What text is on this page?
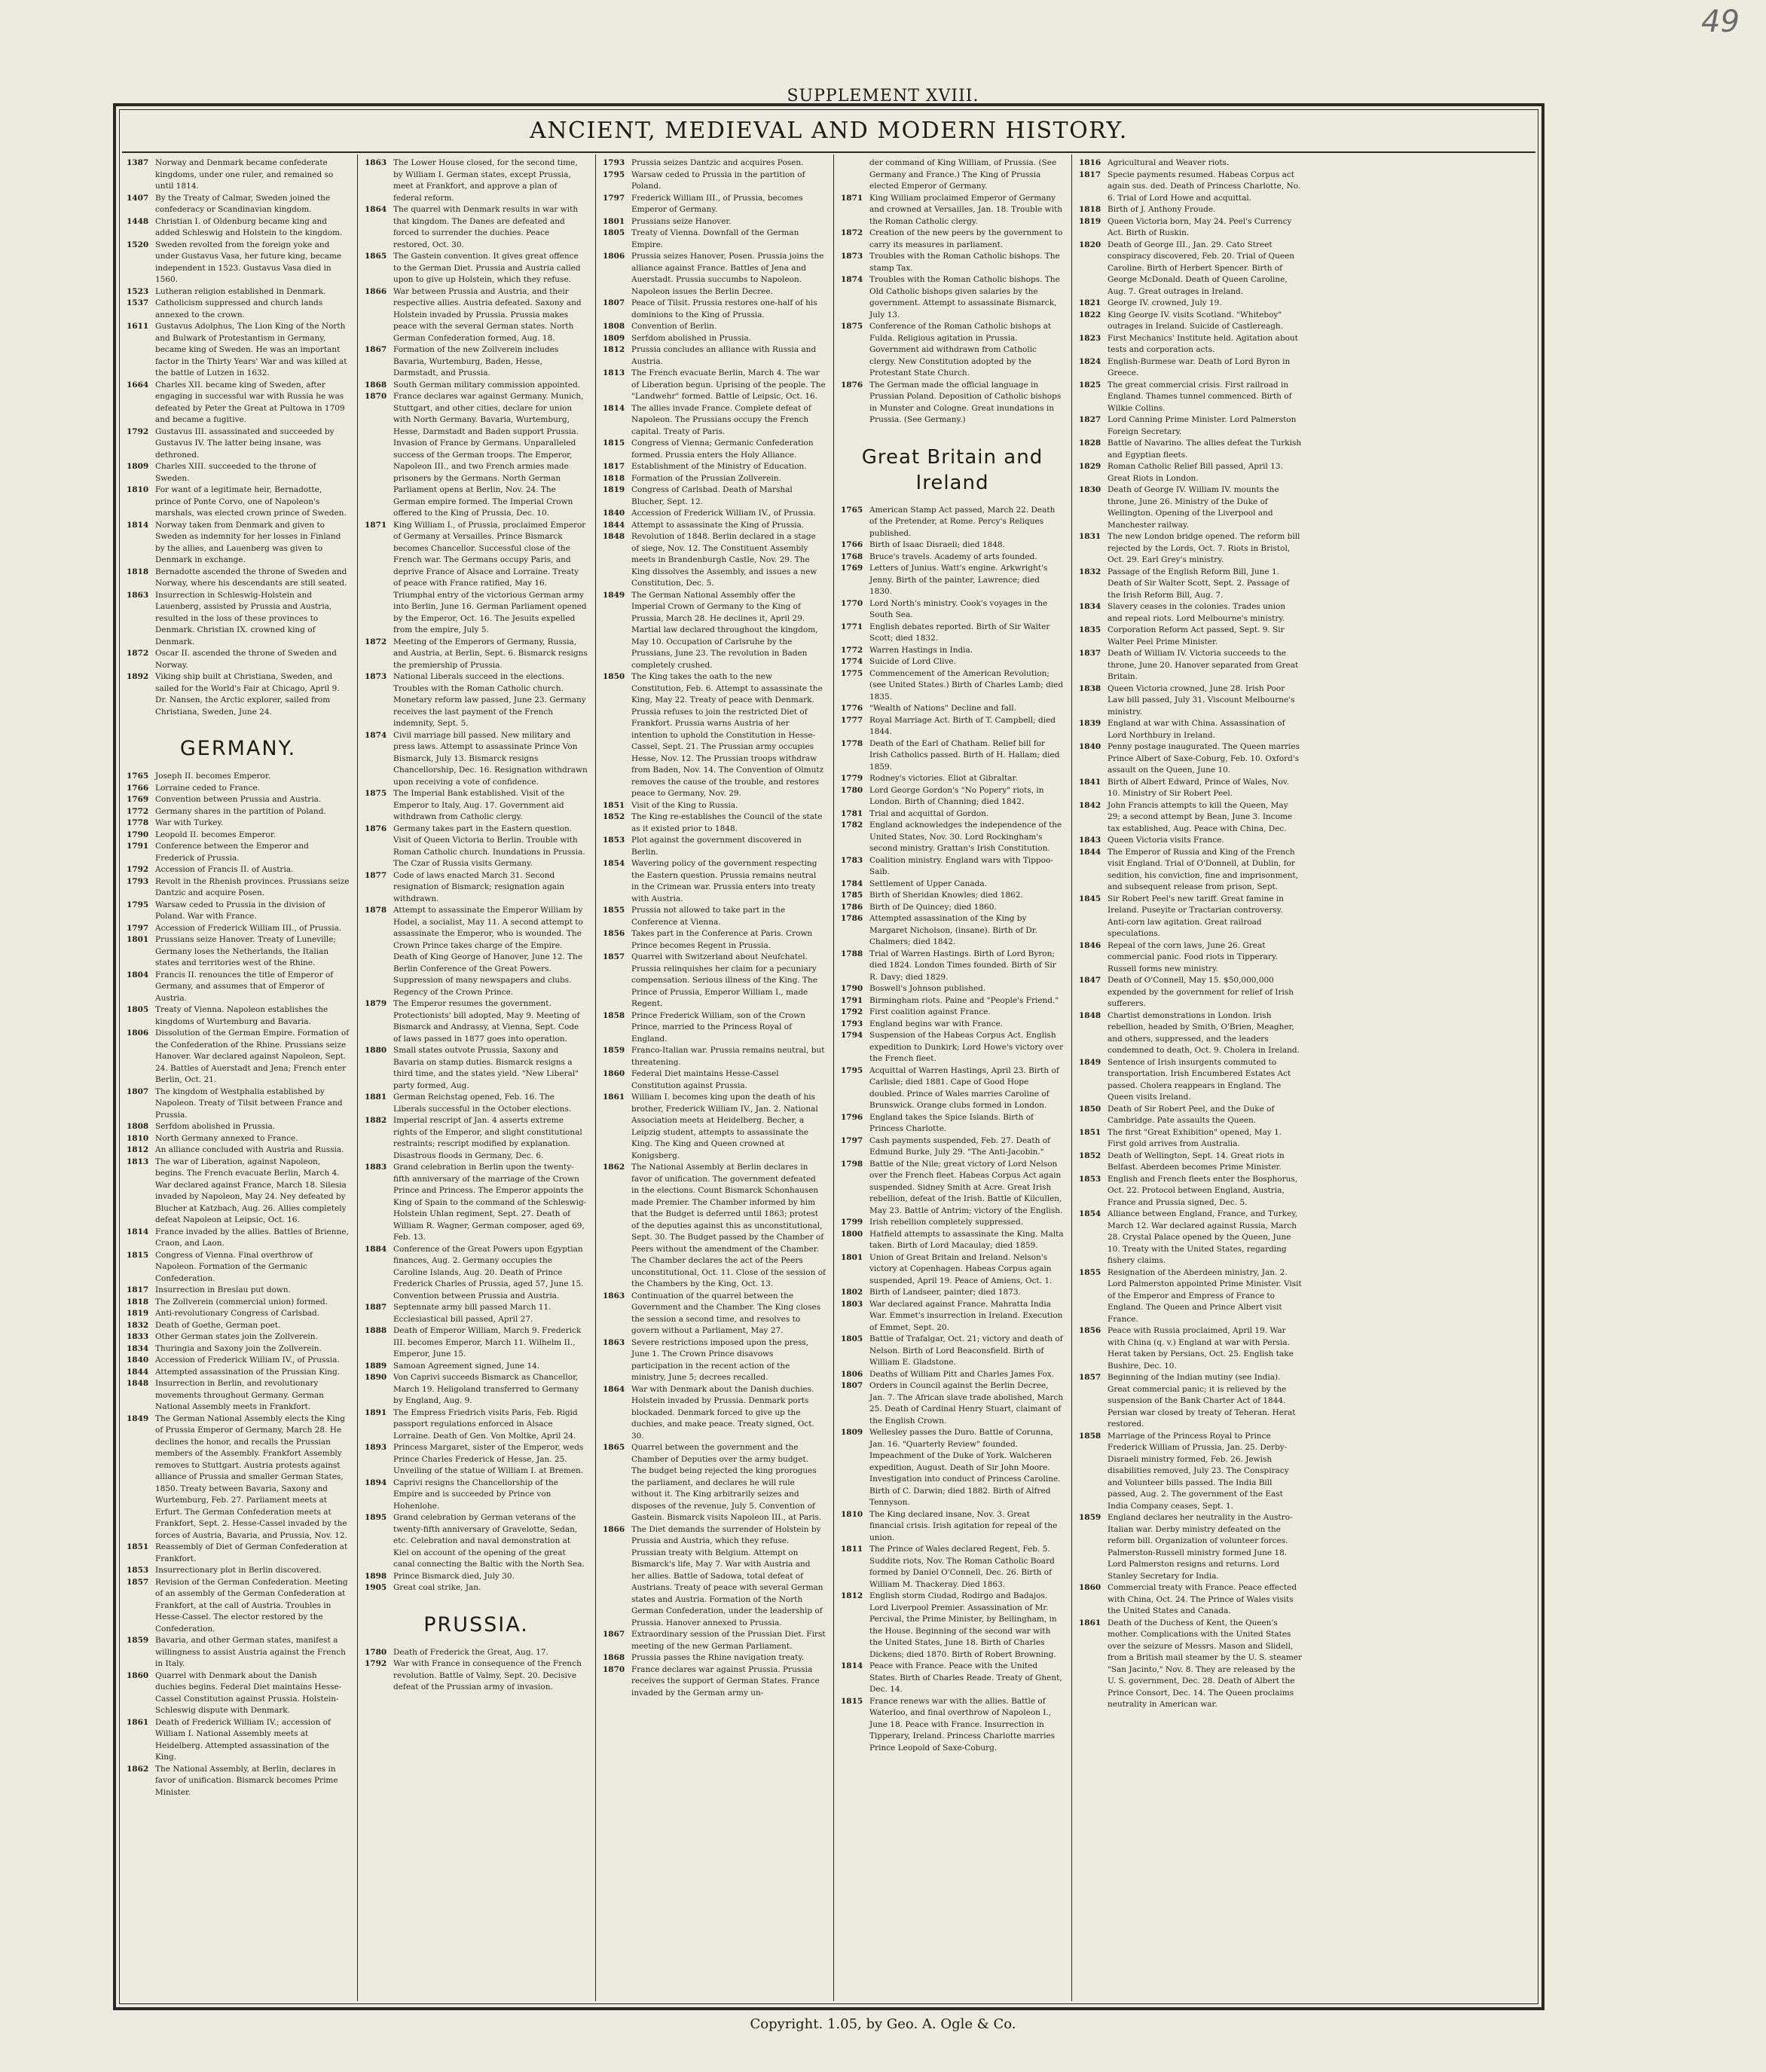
49
SUPPLEMENT XVIII.
ANCIENT, MEDIEVAL AND MODERN HISTORY.
1387 Norway and Denmark became confederate kingdoms, under one ruler, and remained so until 1814.
1407 By the Treaty of Calmar, Sweden joined the confederacy or Scandinavian kingdom.
1448 Christian I. of Oldenburg became king and added Schleswig and Holstein to the kingdom.
1520 Sweden revolted from the foreign yoke and under Gustavus Vasa, her future king, became independent in 1523. Gustavus Vasa died in 1560.
1523 Lutheran religion established in Denmark.
1537 Catholicism suppressed and church lands annexed to the crown.
1611 Gustavus Adolphus, The Lion King of the North and Bulwark of Protestantism in Germany, became king of Sweden. He was an important factor in the Thirty Years' War and was killed at the battle of Lutzen in 1632.
1664 Charles XII. became king of Sweden, after engaging in successful war with Russia he was defeated by Peter the Great at Pultowa in 1709 and became a fugitive.
1792 Gustavus III. assassinated and succeeded by Gustavus IV. The latter being insane, was dethroned.
1809 Charles XIII. succeeded to the throne of Sweden.
1810 For want of a legitimate heir, Bernadotte, prince of Ponte Corvo, one of Napoleon's marshals, was elected crown prince of Sweden.
1814 Norway taken from Denmark and given to Sweden as indemnity for her losses in Finland by the allies, and Lauenberg was given to Denmark in exchange.
1818 Bernadotte ascended the throne of Sweden and Norway, where his descendants are still seated.
1863 Insurrection in Schleswig-Holstein and Lauenberg, assisted by Prussia and Austria, resulted in the loss of these provinces to Denmark. Christian IX. crowned king of Denmark.
1872 Oscar II. ascended the throne of Sweden and Norway.
1892 Viking ship built at Christiana, Sweden, and sailed for the World's Fair at Chicago, April 9. Dr. Nansen, the Arctic explorer, sailed from Christiana, Sweden, June 24.
GERMANY.
1765 Joseph II. becomes Emperor.
1766 Lorraine ceded to France.
1769 Convention between Prussia and Austria.
1772 Germany shares in the partition of Poland.
1778 War with Turkey.
1790 Leopold II. becomes Emperor.
1791 Conference between the Emperor and Frederick of Prussia.
1792 Accession of Francis II. of Austria.
1793 Revolt in the Rhenish provinces. Prussians seize Dantzic and acquire Posen.
1795 Warsaw ceded to Prussia in the division of Poland. War with France.
1797 Accession of Frederick William III., of Prussia.
1801 Prussians seize Hanover. Treaty of Luneville; Germany loses the Netherlands, the Italian states and territories west of the Rhine.
1804 Francis II. renounces the title of Emperor of Germany, and assumes that of Emperor of Austria.
1805 Treaty of Vienna. Napoleon establishes the kingdoms of Wurtemburg and Bavaria.
1806 Dissolution of the German Empire. Formation of the Confederation of the Rhine. Prussians seize Hanover. War declared against Napoleon, Sept. 24. Battles of Auerstadt and Jena; French enter Berlin, Oct. 21.
1807 The kingdom of Westphalia established by Napoleon. Treaty of Tilsit between France and Prussia.
1808 Serfdom abolished in Prussia.
1810 North Germany annexed to France.
1812 An alliance concluded with Austria and Russia.
1813 The war of Liberation, against Napoleon, begins. The French evacuate Berlin, March 4. War declared against France, March 18. Silesia invaded by Napoleon, May 24. Ney defeated by Blucher at Katzbach, Aug. 26. Allies completely defeat Napoleon at Leipsic, Oct. 16.
1814 France invaded by the allies. Battles of Brienne, Craon, and Laon.
1815 Congress of Vienna. Final overthrow of Napoleon. Formation of the Germanic Confederation.
1817 Insurrection in Breslau put down.
1818 The Zollverein (commercial union) formed.
1819 Anti-revolutionary Congress of Carlsbad.
1832 Death of Goethe, German poet.
1833 Other German states join the Zollverein.
1834 Thuringia and Saxony join the Zollverein.
1840 Accession of Frederick William IV., of Prussia.
1844 Attempted assassination of the Prussian King.
1848 Insurrection in Berlin, and revolutionary movements throughout Germany. German National Assembly meets in Frankfort.
1849 The German National Assembly elects the King of Prussia Emperor of Germany, March 28. He declines the honor, and recalls the Prussian members of the Assembly. Frankfort Assembly removes to Stuttgart. Austria protests against alliance of Prussia and smaller German States, 1850. Treaty between Bavaria, Saxony and Wurtemburg, Feb. 27. Parliament meets at Erfurt. The German Confederation meets at Frankfort, Sept. 2. Hesse-Cassel invaded by the forces of Austria, Bavaria, and Prussia, Nov. 12.
1851 Reassembly of Diet of German Confederation at Frankfort.
1853 Insurrectionary plot in Berlin discovered.
1857 Revision of the German Confederation. Meeting of an assembly of the German Confederation at Frankfort, at the call of Austria. Troubles in Hesse-Cassel. The elector restored by the Confederation.
1859 Bavaria, and other German states, manifest a willingness to assist Austria against the French in Italy.
1860 Quarrel with Denmark about the Danish duchies begins. Federal Diet maintains Hesse-Cassel Constitution against Prussia. Holstein-Schleswig dispute with Denmark.
1861 Death of Frederick William IV.; accession of William I. National Assembly meets at Heidelberg. Attempted assassination of the King.
1862 The National Assembly, at Berlin, declares in favor of unification. Bismarck becomes Prime Minister.
1863 The Lower House closed, for the second time, by William I. German states, except Prussia, meet at Frankfort, and approve a plan of federal reform.
1864 The quarrel with Denmark results in war with that kingdom. The Danes are defeated and forced to surrender the duchies. Peace restored, Oct. 30.
1865 The Gastein convention. It gives great offence to the German Diet. Prussia and Austria called upon to give up Holstein, which they refuse.
1866 War between Prussia and Austria, and their respective allies. Austria defeated. Saxony and Holstein invaded by Prussia. Prussia makes peace with the several German states. North German Confederation formed, Aug. 18.
1867 Formation of the new Zollverein includes Bavaria, Wurtemburg, Baden, Hesse, Darmstadt, and Prussia.
1868 South German military commission appointed.
1870 France declares war against Germany. Munich, Stuttgart, and other cities, declare for union with North Germany. Bavaria, Wurtemburg, Hesse, Darmstadt and Baden support Prussia. Invasion of France by Germans. Unparalleled success of the German troops. The Emperor, Napoleon III., and two French armies made prisoners by the Germans. North German Parliament opens at Berlin, Nov. 24. The German empire formed. The Imperial Crown offered to the King of Prussia, Dec. 10.
1871 King William I., of Prussia, proclaimed Emperor of Germany at Versailles. Prince Bismarck becomes Chancellor. Successful close of the French war. The Germans occupy Paris, and deprive France of Alsace and Lorraine. Treaty of peace with France ratified, May 16. Triumphal entry of the victorious German army into Berlin, June 16. German Parliament opened by the Emperor, Oct. 16. The Jesuits expelled from the empire, July 5.
1872 Meeting of the Emperors of Germany, Russia, and Austria, at Berlin, Sept. 6. Bismarck resigns the premiership of Prussia.
1873 National Liberals succeed in the elections. Troubles with the Roman Catholic church. Monetary reform law passed, June 23. Germany receives the last payment of the French indemnity, Sept. 5.
1874 Civil marriage bill passed. New military and press laws. Attempt to assassinate Prince Von Bismarck, July 13. Bismarck resigns Chancellorship, Dec. 16. Resignation withdrawn upon receiving a vote of confidence.
1875 The Imperial Bank established. Visit of the Emperor to Italy, Aug. 17. Government aid withdrawn from Catholic clergy.
1876 Germany takes part in the Eastern question. Visit of Queen Victoria to Berlin. Trouble with Roman Catholic church. Inundations in Prussia. The Czar of Russia visits Germany.
1877 Code of laws enacted March 31. Second resignation of Bismarck; resignation again withdrawn.
1878 Attempt to assassinate the Emperor William by Hodel, a socialist, May 11. A second attempt to assassinate the Emperor, who is wounded. The Crown Prince takes charge of the Empire. Death of King George of Hanover, June 12. The Berlin Conference of the Great Powers. Suppression of many newspapers and clubs. Regency of the Crown Prince.
1879 The Emperor resumes the government. Protectionists' bill adopted, May 9. Meeting of Bismarck and Andrassy, at Vienna, Sept. Code of laws passed in 1877 goes into operation.
1880 Small states outvote Prussia, Saxony and Bavaria on stamp duties. Bismarck resigns a third time, and the states yield. "New Liberal" party formed, Aug.
1881 German Reichstag opened, Feb. 16. The Liberals successful in the October elections.
1882 Imperial rescript of Jan. 4 asserts extreme rights of the Emperor, and slight constitutional restraints; rescript modified by explanation. Disastrous floods in Germany, Dec. 6.
1883 Grand celebration in Berlin upon the twenty-fifth anniversary of the marriage of the Crown Prince and Princess. The Emperor appoints the King of Spain to the command of the Schleswig-Holstein Uhlan regiment, Sept. 27. Death of William R. Wagner, German composer, aged 69, Feb. 13.
1884 Conference of the Great Powers upon Egyptian finances, Aug. 2. Germany occupies the Caroline Islands, Aug. 20. Death of Prince Frederick Charles of Prussia, aged 57, June 15. Convention between Prussia and Austria.
1887 Septennate army bill passed March 11. Ecclesiastical bill passed, April 27.
1888 Death of Emperor William, March 9. Frederick III. becomes Emperor, March 11. Wilhelm II., Emperor, June 15.
1889 Samoan Agreement signed, June 14.
1890 Von Caprivi succeeds Bismarck as Chancellor, March 19. Heligoland transferred to Germany by England, Aug. 9.
1891 The Empress Friedrich visits Paris, Feb. Rigid passport regulations enforced in Alsace Lorraine. Death of Gen. Von Moltke, April 24.
1893 Princess Margaret, sister of the Emperor, weds Prince Charles Frederick of Hesse, Jan. 25. Unveiling of the statue of William I. at Bremen.
1894 Caprivi resigns the Chancellorship of the Empire and is succeeded by Prince von Hohenlohe.
1895 Grand celebration by German veterans of the twenty-fifth anniversary of Gravelotte, Sedan, etc. Celebration and naval demonstration at Kiel on account of the opening of the great canal connecting the Baltic with the North Sea.
1898 Prince Bismarck died, July 30.
1905 Great coal strike, Jan.
PRUSSIA.
1780 Death of Frederick the Great, Aug. 17.
1792 War with France in consequence of the French revolution. Battle of Valmy, Sept. 20. Decisive defeat of the Prussian army of invasion.
1793 Prussia seizes Dantzic and acquires Posen.
1795 Warsaw ceded to Prussia in the partition of Poland.
1797 Frederick William III., of Prussia, becomes Emperor of Germany.
1801 Prussians seize Hanover.
1805 Treaty of Vienna. Downfall of the German Empire.
1806 Prussia seizes Hanover, Posen. Prussia joins the alliance against France. Battles of Jena and Auerstadt. Prussia succumbs to Napoleon. Napoleon issues the Berlin Decree.
1807 Peace of Tilsit. Prussia restores one-half of his dominions to the King of Prussia.
1808 Convention of Berlin.
1809 Serfdom abolished in Prussia.
1812 Prussia concludes an alliance with Russia and Austria.
1813 The French evacuate Berlin, March 4. The war of Liberation begun. Uprising of the people. The "Landwehr" formed. Battle of Leipsic, Oct. 16.
1814 The allies invade France. Complete defeat of Napoleon. The Prussians occupy the French capital. Treaty of Paris.
1815 Congress of Vienna; Germanic Confederation formed. Prussia enters the Holy Alliance.
1817 Establishment of the Ministry of Education.
1818 Formation of the Prussian Zollverein.
1819 Congress of Carlsbad. Death of Marshal Blucher, Sept. 12.
1840 Accession of Frederick William IV., of Prussia.
1844 Attempt to assassinate the King of Prussia.
1848 Revolution of 1848. Berlin declared in a stage of siege, Nov. 12. The Constituent Assembly meets in Brandenburgh Castle, Nov. 29. The King dissolves the Assembly, and issues a new Constitution, Dec. 5.
1849 The German National Assembly offer the Imperial Crown of Germany to the King of Prussia, March 28. He declines it, April 29. Martial law declared throughout the kingdom, May 10. Occupation of Carlsruhe by the Prussians, June 23. The revolution in Baden completely crushed.
1850 The King takes the oath to the new Constitution, Feb. 6. Attempt to assassinate the King, May 22. Treaty of peace with Denmark. Prussia refuses to join the restricted Diet of Frankfort. Prussia warns Austria of her intention to uphold the Constitution in Hesse-Cassel, Sept. 21. The Prussian army occupies Hesse, Nov. 12. The Prussian troops withdraw from Baden, Nov. 14. The Convention of Olmutz removes the cause of the trouble, and restores peace to Germany, Nov. 29.
1851 Visit of the King to Russia.
1852 The King re-establishes the Council of the state as it existed prior to 1848.
1853 Plot against the government discovered in Berlin.
1854 Wavering policy of the government respecting the Eastern question. Prussia remains neutral in the Crimean war. Prussia enters into treaty with Austria.
1855 Prussia not allowed to take part in the Conference at Vienna.
1856 Takes part in the Conference at Paris. Crown Prince becomes Regent in Prussia.
1857 Quarrel with Switzerland about Neufchatel. Prussia relinquishes her claim for a pecuniary compensation. Serious illness of the King. The Prince of Prussia, Emperor William I., made Regent.
1858 Prince Frederick William, son of the Crown Prince, married to the Princess Royal of England.
1859 Franco-Italian war. Prussia remains neutral, but threatening.
1860 Federal Diet maintains Hesse-Cassel Constitution against Prussia.
1861 William I. becomes king upon the death of his brother, Frederick William IV., Jan. 2. National Association meets at Heidelberg. Becher, a Leipzig student, attempts to assassinate the King. The King and Queen crowned at Konigsberg.
1862 The National Assembly at Berlin declares in favor of unification. The government defeated in the elections. Count Bismarck Schonhausen made Premier. The Chamber informed by him that the Budget is deferred until 1863; protest of the deputies against this as unconstitutional, Sept. 30. The Budget passed by the Chamber of Peers without the amendment of the Chamber. The Chamber declares the act of the Peers unconstitutional, Oct. 11. Close of the session of the Chambers by the King, Oct. 13.
1863 Continuation of the quarrel between the Government and the Chamber. The King closes the session a second time, and resolves to govern without a Parliament, May 27.
1863 Severe restrictions imposed upon the press, June 1. The Crown Prince disavows participation in the recent action of the ministry, June 5; decrees recalled.
1864 War with Denmark about the Danish duchies. Holstein invaded by Prussia. Denmark ports blockaded. Denmark forced to give up the duchies, and make peace. Treaty signed, Oct. 30.
1865 Quarrel between the government and the Chamber of Deputies over the army budget. The budget being rejected the king prorogues the parliament, and declares he will rule without it. The King arbitrarily seizes and disposes of the revenue, July 5. Convention of Gastein. Bismarck visits Napoleon III., at Paris.
1866 The Diet demands the surrender of Holstein by Prussia and Austria, which they refuse. Prussian treaty with Belgium. Attempt on Bismarck's life, May 7. War with Austria and her allies. Battle of Sadowa, total defeat of Austrians. Treaty of peace with several German states and Austria. Formation of the North German Confederation, under the leadership of Prussia. Hanover annexed to Prussia.
1867 Extraordinary session of the Prussian Diet. First meeting of the new German Parliament.
1868 Prussia passes the Rhine navigation treaty.
1870 France declares war against Prussia. Prussia receives the support of German States. France invaded by the German army un-
der command of King William, of Prussia. (See Germany and France.) The King of Prussia elected Emperor of Germany.
1871 King William proclaimed Emperor of Germany and crowned at Versailles, Jan. 18. Trouble with the Roman Catholic clergy.
1872 Creation of the new peers by the government to carry its measures in parliament.
1873 Troubles with the Roman Catholic bishops. The stamp Tax.
1874 Troubles with the Roman Catholic bishops. The Old Catholic bishops given salaries by the government. Attempt to assassinate Bismarck, July 13.
1875 Conference of the Roman Catholic bishops at Fulda. Religious agitation in Prussia. Government aid withdrawn from Catholic clergy. New Constitution adopted by the Protestant State Church.
1876 The German made the official language in Prussian Poland. Deposition of Catholic bishops in Munster and Cologne. Great inundations in Prussia. (See Germany.)
Great Britain and Ireland
1765 American Stamp Act passed, March 22. Death of the Pretender, at Rome. Percy's Reliques published.
1766 Birth of Isaac Disraeli; died 1848.
1768 Bruce's travels. Academy of arts founded.
1769 Letters of Junius. Watt's engine. Arkwright's Jenny. Birth of the painter, Lawrence; died 1830.
1770 Lord North's ministry. Cook's voyages in the South Sea.
1771 English debates reported. Birth of Sir Walter Scott; died 1832.
1772 Warren Hastings in India.
1774 Suicide of Lord Clive.
1775 Commencement of the American Revolution; (see United States.) Birth of Charles Lamb; died 1835.
1776 "Wealth of Nations" Decline and fall.
1777 Royal Marriage Act. Birth of T. Campbell; died 1844.
1778 Death of the Earl of Chatham. Relief bill for Irish Catholics passed. Birth of H. Hallam; died 1859.
1779 Rodney's victories. Eliot at Gibraltar.
1780 Lord George Gordon's "No Popery" riots, in London. Birth of Channing; died 1842.
1781 Trial and acquittal of Gordon.
1782 England acknowledges the independence of the United States, Nov. 30. Lord Rockingham's second ministry. Grattan's Irish Constitution.
1783 Coalition ministry. England wars with Tippoo-Saib.
1784 Settlement of Upper Canada.
1785 Birth of Sheridan Knowles; died 1862.
1786 Birth of De Quincey; died 1860.
1786 Attempted assassination of the King by Margaret Nicholson, (insane). Birth of Dr. Chalmers; died 1842.
1788 Trial of Warren Hastings. Birth of Lord Byron; died 1824. London Times founded. Birth of Sir R. Davy; died 1829.
1790 Boswell's Johnson published.
1791 Birmingham riots. Paine and "People's Friend."
1792 First coalition against France.
1793 England begins war with France.
1794 Suspension of the Habeas Corpus Act. English expedition to Dunkirk; Lord Howe's victory over the French fleet.
1795 Acquittal of Warren Hastings, April 23. Birth of Carlisle; died 1881. Cape of Good Hope doubled. Prince of Wales marries Caroline of Brunswick. Orange clubs formed in London.
1796 England takes the Spice Islands. Birth of Princess Charlotte.
1797 Cash payments suspended, Feb. 27. Death of Edmund Burke, July 29. "The Anti-Jacobin."
1798 Battle of the Nile; great victory of Lord Nelson over the French fleet. Habeas Corpus Act again suspended. Sidney Smith at Acre. Great Irish rebellion, defeat of the Irish. Battle of Kilcullen, May 23. Battle of Antrim; victory of the English.
1799 Irish rebellion completely suppressed.
1800 Hatfield attempts to assassinate the King. Malta taken. Birth of Lord Macaulay; died 1859.
1801 Union of Great Britain and Ireland. Nelson's victory at Copenhagen. Habeas Corpus again suspended, April 19. Peace of Amiens, Oct. 1.
1802 Birth of Landseer, painter; died 1873.
1803 War declared against France. Mahratta India War. Emmet's insurrection in Ireland. Execution of Emmet, Sept. 20.
1805 Battle of Trafalgar, Oct. 21; victory and death of Nelson. Birth of Lord Beaconsfield. Birth of William E. Gladstone.
1806 Deaths of William Pitt and Charles James Fox.
1807 Orders in Council against the Berlin Decree, Jan. 7. The African slave trade abolished, March 25. Death of Cardinal Henry Stuart, claimant of the English Crown.
1809 Wellesley passes the Duro. Battle of Corunna, Jan. 16. "Quarterly Review" founded. Impeachment of the Duke of York. Walcheren expedition, August. Death of Sir John Moore. Investigation into conduct of Princess Caroline. Birth of C. Darwin; died 1882. Birth of Alfred Tennyson.
1810 The King declared insane, Nov. 3. Great financial crisis. Irish agitation for repeal of the union.
1811 The Prince of Wales declared Regent, Feb. 5. Suddite riots, Nov. The Roman Catholic Board formed by Daniel O'Connell, Dec. 26. Birth of William M. Thackeray. Died 1863.
1812 English storm Ciudad, Rodirgo and Badajos. Lord Liverpool Premier. Assassination of Mr. Percival, the Prime Minister, by Bellingham, in the House. Beginning of the second war with the United States, June 18. Birth of Charles Dickens; died 1870. Birth of Robert Browning.
1814 Peace with France. Peace with the United States. Birth of Charles Reade. Treaty of Ghent, Dec. 14.
1815 France renews war with the allies. Battle of Waterloo, and final overthrow of Napoleon I., June 18. Peace with France. Insurrection in Tipperary, Ireland. Princess Charlotte marries Prince Leopold of Saxe-Coburg.
1816 Agricultural and Weaver riots.
1817 Specie payments resumed. Habeas Corpus act again sus. ded. Death of Princess Charlotte, No. 6. Trial of Lord Howe and acquittal.
1818 Birth of J. Anthony Froude.
1819 Queen Victoria born, May 24. Peel's Currency Act. Birth of Ruskin.
1820 Death of George III., Jan. 29. Cato Street conspiracy discovered, Feb. 20. Trial of Queen Caroline. Birth of Herbert Spencer. Birth of George McDonald. Death of Queen Caroline, Aug. 7. Great outrages in Ireland.
1821 George IV. crowned, July 19.
1822 King George IV. visits Scotland. "Whiteboy" outrages in Ireland. Suicide of Castlereagh.
1823 First Mechanics' Institute held. Agitation about tests and corporation acts.
1824 English-Burmese war. Death of Lord Byron in Greece.
1825 The great commercial crisis. First railroad in England. Thames tunnel commenced. Birth of Wilkie Collins.
1827 Lord Canning Prime Minister. Lord Palmerston Foreign Secretary.
1828 Battle of Navarino. The allies defeat the Turkish and Egyptian fleets.
1829 Roman Catholic Relief Bill passed, April 13. Great Riots in London.
1830 Death of George IV. William IV. mounts the throne, June 26. Ministry of the Duke of Wellington. Opening of the Liverpool and Manchester railway.
1831 The new London bridge opened. The reform bill rejected by the Lords, Oct. 7. Riots in Bristol, Oct. 29. Earl Grey's ministry.
1832 Passage of the English Reform Bill, June 1. Death of Sir Walter Scott, Sept. 2. Passage of the Irish Reform Bill, Aug. 7.
1834 Slavery ceases in the colonies. Trades union and repeal riots. Lord Melbourne's ministry.
1835 Corporation Reform Act passed, Sept. 9. Sir Walter Peel Prime Minister.
1837 Death of William IV. Victoria succeeds to the throne, June 20. Hanover separated from Great Britain.
1838 Queen Victoria crowned, June 28. Irish Poor Law bill passed, July 31. Viscount Melbourne's ministry.
1839 England at war with China. Assassination of Lord Northbury in Ireland.
1840 Penny postage inaugurated. The Queen marries Prince Albert of Saxe-Coburg, Feb. 10. Oxford's assault on the Queen, June 10.
1841 Birth of Albert Edward, Prince of Wales, Nov. 10. Ministry of Sir Robert Peel.
1842 John Francis attempts to kill the Queen, May 29; a second attempt by Bean, June 3. Income tax established, Aug. Peace with China, Dec.
1843 Queen Victoria visits France.
1844 The Emperor of Russia and King of the French visit England. Trial of O'Donnell, at Dublin, for sedition, his conviction, fine and imprisonment, and subsequent release from prison, Sept.
1845 Sir Robert Peel's new tariff. Great famine in Ireland. Puseyite or Tractarian controversy. Anti-corn law agitation. Great railroad speculations.
1846 Repeal of the corn laws, June 26. Great commercial panic. Food riots in Tipperary. Russell forms new ministry.
1847 Death of O'Connell, May 15. $50,000,000 expended by the government for relief of Irish sufferers.
1848 Chartist demonstrations in London. Irish rebellion, headed by Smith, O'Brien, Meagher, and others, suppressed, and the leaders condemned to death, Oct. 9. Cholera in Ireland.
1849 Sentence of Irish insurgents commuted to transportation. Irish Encumbered Estates Act passed. Cholera reappears in England. The Queen visits Ireland.
1850 Death of Sir Robert Peel, and the Duke of Cambridge. Pate assaults the Queen.
1851 The first "Great Exhibition" opened, May 1. First gold arrives from Australia.
1852 Death of Wellington, Sept. 14. Great riots in Belfast. Aberdeen becomes Prime Minister.
1853 English and French fleets enter the Bosphorus, Oct. 22. Protocol between England, Austria, France and Prussia signed, Dec. 5.
1854 Alliance between England, France, and Turkey, March 12. War declared against Russia, March 28. Crystal Palace opened by the Queen, June 10. Treaty with the United States, regarding fishery claims.
1855 Resignation of the Aberdeen ministry, Jan. 2. Lord Palmerston appointed Prime Minister. Visit of the Emperor and Empress of France to England. The Queen and Prince Albert visit France.
1856 Peace with Russia proclaimed, April 19. War with China (q. v.) England at war with Persia. Herat taken by Persians, Oct. 25. English take Bushire, Dec. 10.
1857 Beginning of the Indian mutiny (see India). Great commercial panic; it is relieved by the suspension of the Bank Charter Act of 1844. Persian war closed by treaty of Teheran. Herat restored.
1858 Marriage of the Princess Royal to Prince Frederick William of Prussia, Jan. 25. Derby-Disraeli ministry formed, Feb. 26. Jewish disabilities removed, July 23. The Conspiracy and Volunteer bills passed. The India Bill passed, Aug. 2. The government of the East India Company ceases, Sept. 1.
1859 England declares her neutrality in the Austro-Italian war. Derby ministry defeated on the reform bill. Organization of volunteer forces. Palmerston-Russell ministry formed June 18. Lord Palmerston resigns and returns. Lord Stanley Secretary for India.
1860 Commercial treaty with France. Peace effected with China, Oct. 24. The Prince of Wales visits the United States and Canada.
1861 Death of the Duchess of Kent, the Queen's mother. Complications with the United States over the seizure of Messrs. Mason and Slidell, from a British mail steamer by the U. S. steamer "San Jacinto," Nov. 8. They are released by the U. S. government, Dec. 28. Death of Albert the Prince Consort, Dec. 14. The Queen proclaims neutrality in American war.
Copyright. 1.05, by Geo. A. Ogle & Co.
